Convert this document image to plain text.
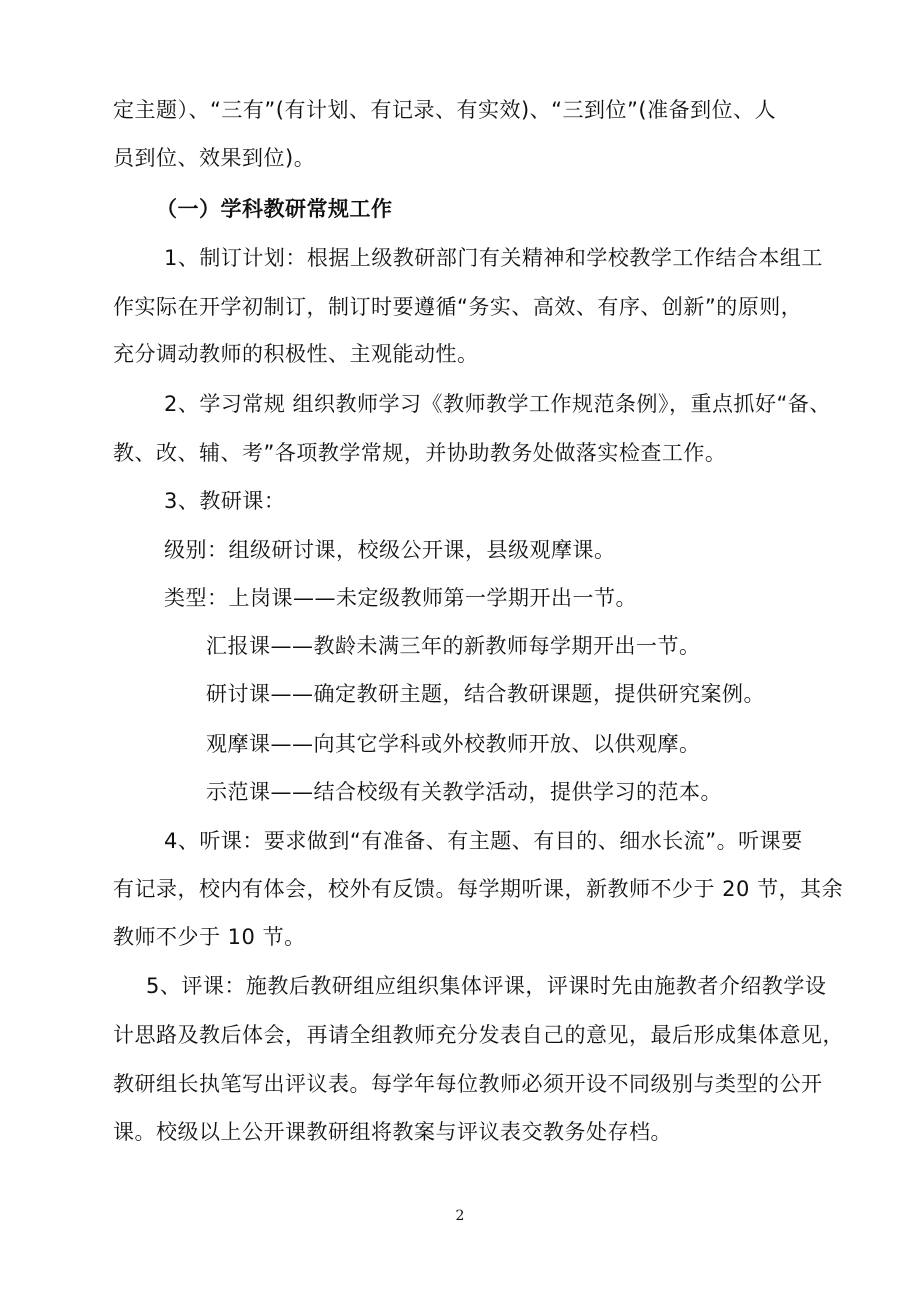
定主题）、“三有”(有计划、有记录、有实效)、“三到位”(准备到位、人
员到位、效果到位)。
（一）学科教研常规工作
1、制订计划：根据上级教研部门有关精神和学校教学工作结合本组工
作实际在开学初制订，制订时要遵循“务实、高效、有序、创新”的原则，
充分调动教师的积极性、主观能动性。
2、学习常规 组织教师学习《教师教学工作规范条例》，重点抓好“备、
教、改、辅、考”各项教学常规，并协助教务处做落实检查工作。
3、教研课：
级别：组级研讨课，校级公开课，县级观摩课。
类型：上岗课——未定级教师第一学期开出一节。
汇报课——教龄未满三年的新教师每学期开出一节。
研讨课——确定教研主题，结合教研课题，提供研究案例。
观摩课——向其它学科或外校教师开放、以供观摩。
示范课——结合校级有关教学活动，提供学习的范本。
4、听课：要求做到“有准备、有主题、有目的、细水长流”。听课要
有记录，校内有体会，校外有反馈。每学期听课，新教师不少于 20 节，其余
教师不少于 10 节。
5、评课：施教后教研组应组织集体评课，评课时先由施教者介绍教学设
计思路及教后体会，再请全组教师充分发表自己的意见，最后形成集体意见，
教研组长执笔写出评议表。每学年每位教师必须开设不同级别与类型的公开
课。校级以上公开课教研组将教案与评议表交教务处存档。
2
